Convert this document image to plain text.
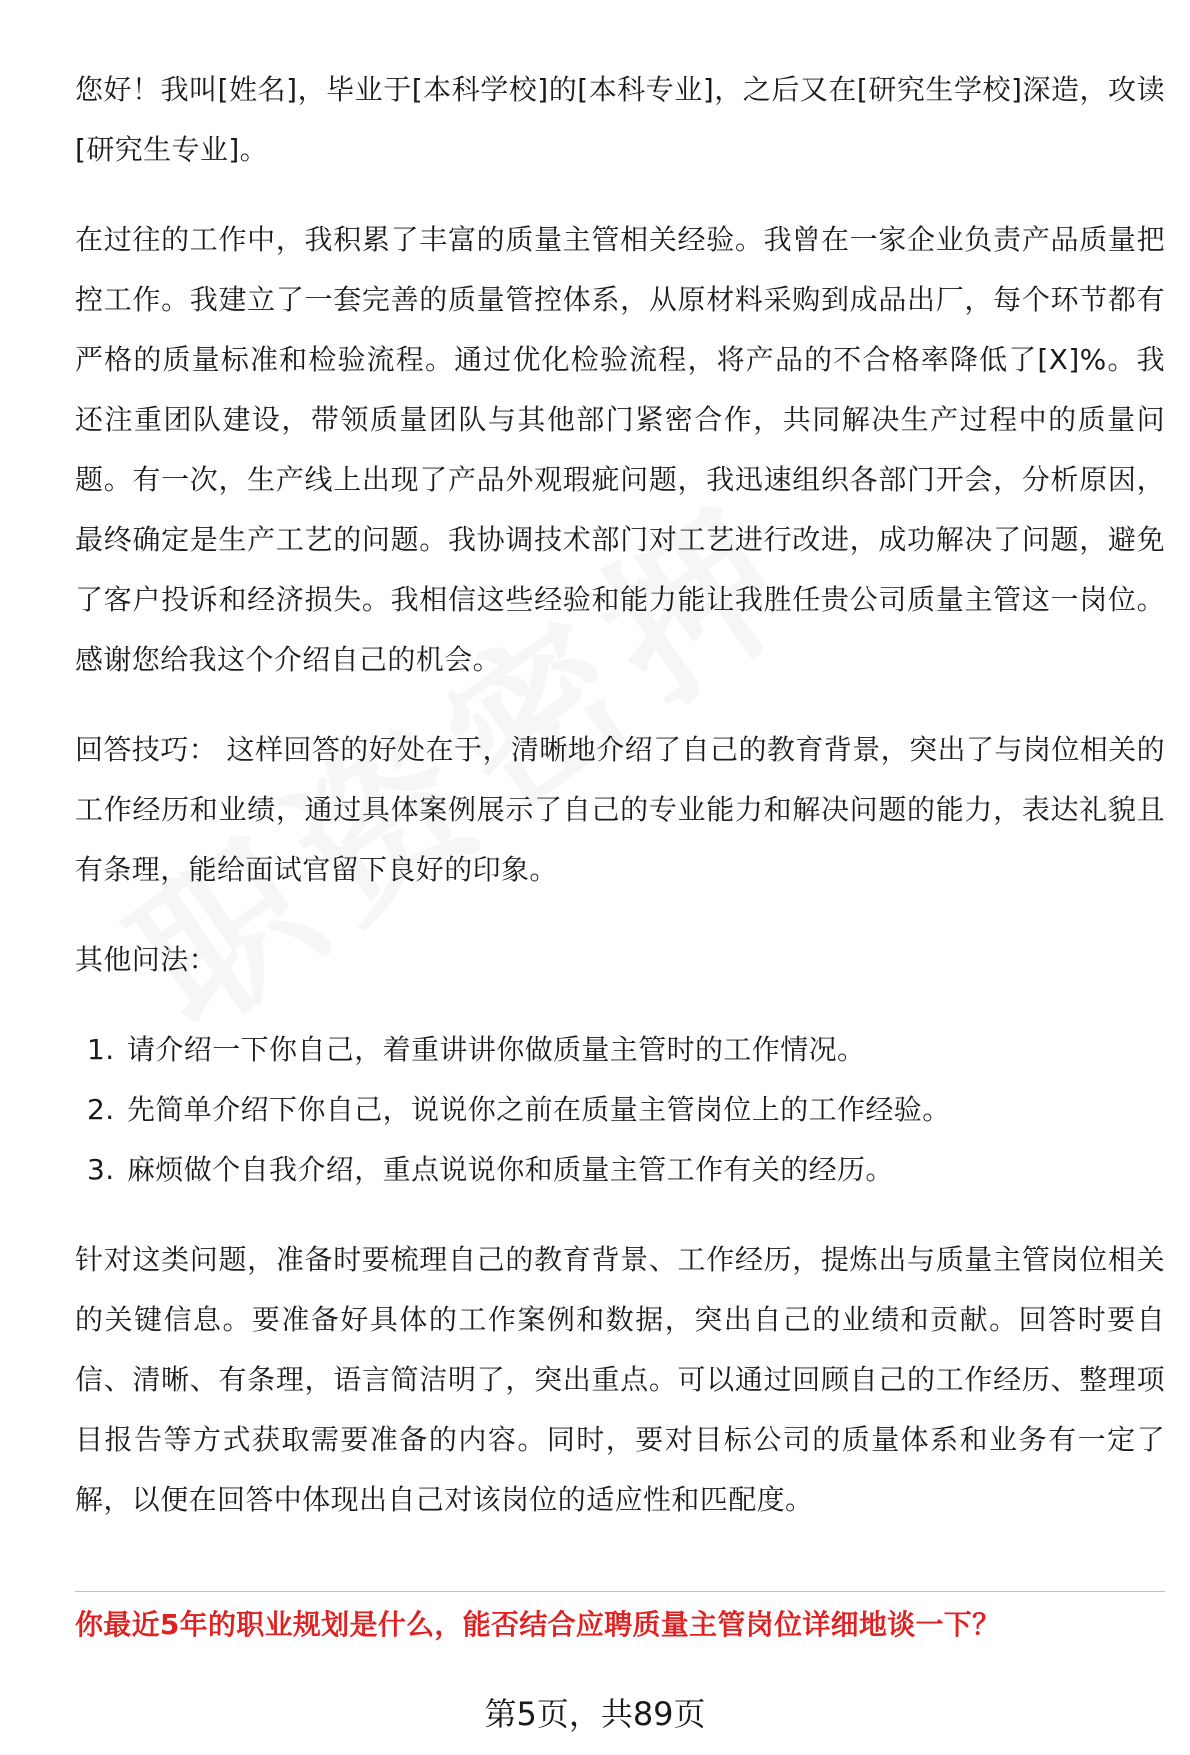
您好！我叫[姓名]，毕业于[本科学校]的[本科专业]，之后又在[研究生学校]深造，攻读[研究生专业]。

在过往的工作中，我积累了丰富的质量主管相关经验。我曾在一家企业负责产品质量把控工作。我建立了一套完善的质量管控体系，从原材料采购到成品出厂，每个环节都有严格的质量标准和检验流程。通过优化检验流程，将产品的不合格率降低了[X]%。我还注重团队建设，带领质量团队与其他部门紧密合作，共同解决生产过程中的质量问题。有一次，生产线上出现了产品外观瑕疵问题，我迅速组织各部门开会，分析原因，最终确定是生产工艺的问题。我协调技术部门对工艺进行改进，成功解决了问题，避免了客户投诉和经济损失。我相信这些经验和能力能让我胜任贵公司质量主管这一岗位。感谢您给我这个介绍自己的机会。

回答技巧： 这样回答的好处在于，清晰地介绍了自己的教育背景，突出了与岗位相关的工作经历和业绩，通过具体案例展示了自己的专业能力和解决问题的能力，表达礼貌且有条理，能给面试官留下良好的印象。

其他问法：

1. 请介绍一下你自己，着重讲讲你做质量主管时的工作情况。
2. 先简单介绍下你自己，说说你之前在质量主管岗位上的工作经验。
3. 麻烦做个自我介绍，重点说说你和质量主管工作有关的经历。

针对这类问题，准备时要梳理自己的教育背景、工作经历，提炼出与质量主管岗位相关的关键信息。要准备好具体的工作案例和数据，突出自己的业绩和贡献。回答时要自信、清晰、有条理，语言简洁明了，突出重点。可以通过回顾自己的工作经历、整理项目报告等方式获取需要准备的内容。同时，要对目标公司的质量体系和业务有一定了解，以便在回答中体现出自己对该岗位的适应性和匹配度。

你最近5年的职业规划是什么，能否结合应聘质量主管岗位详细地谈一下？
第5页，共89页
